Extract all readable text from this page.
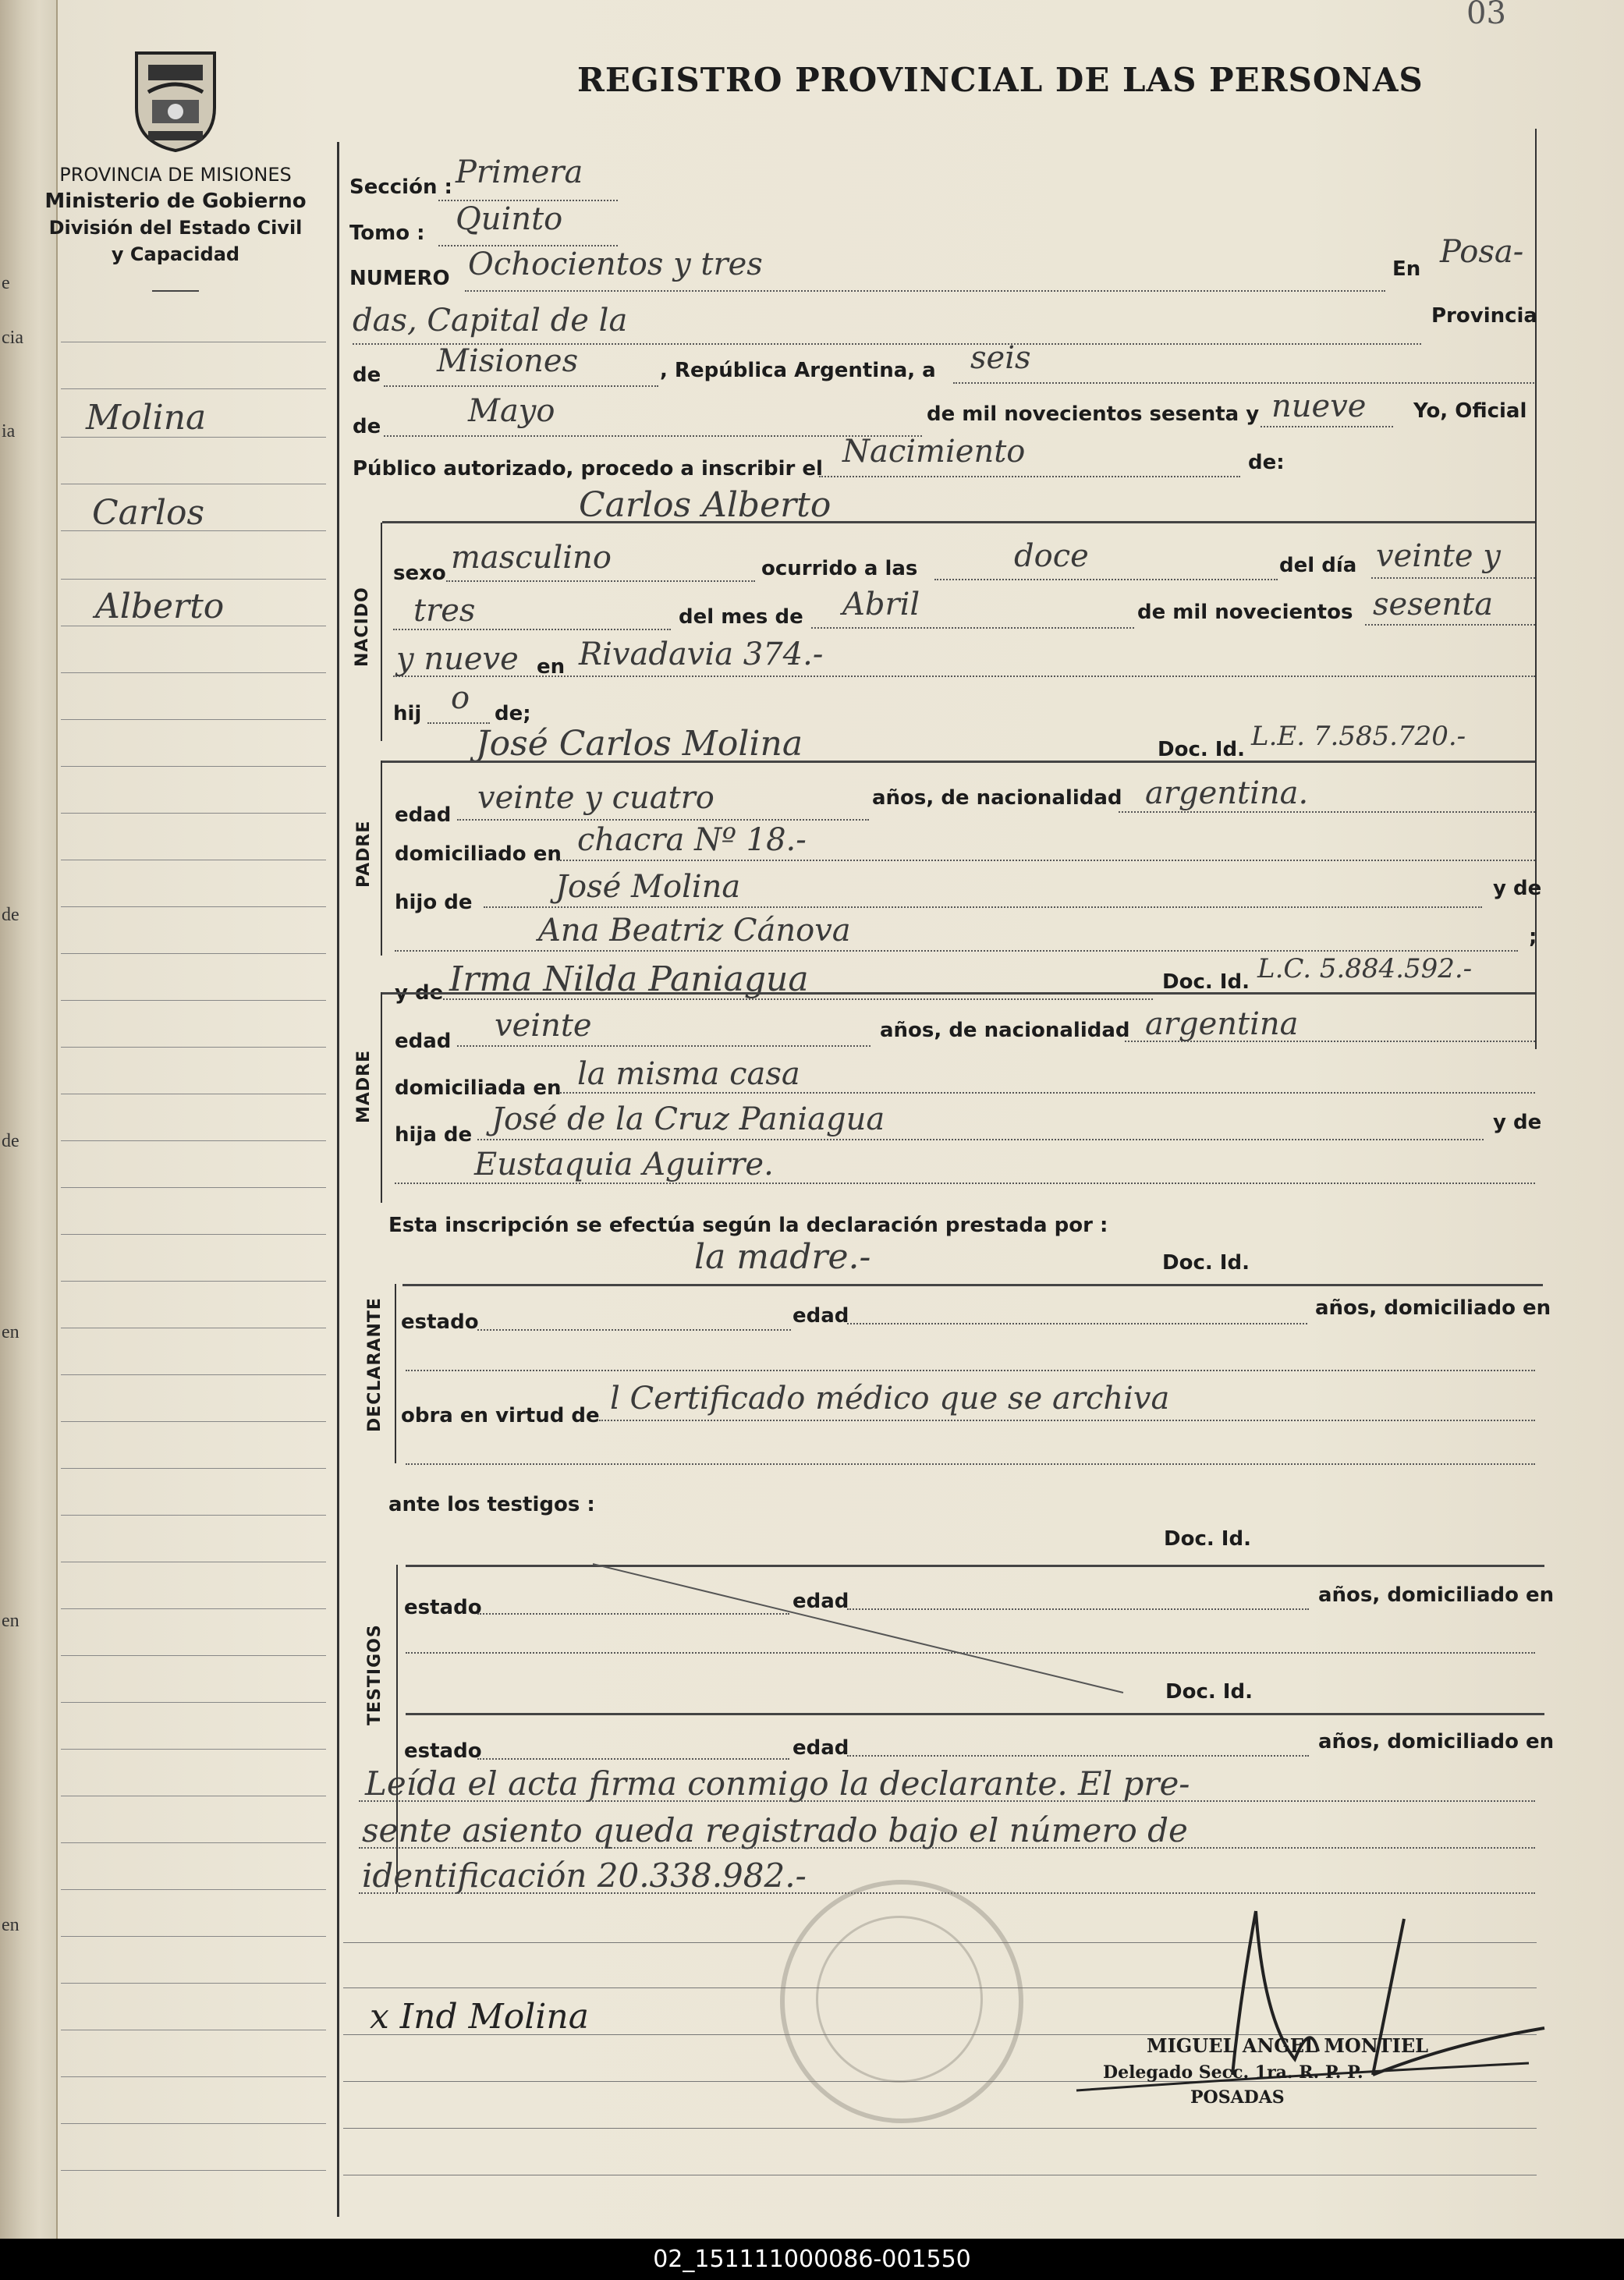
e
cia
ia
de
de
en
en
en
03
PROVINCIA DE MISIONES
Ministerio de Gobierno
División del Estado Civil
y Capacidad
REGISTRO PROVINCIAL DE LAS PERSONAS
Molina
Carlos
Alberto
Sección : Primera
Tomo : Quinto
NUMERO Ochocientos y tres	En Posa-
das, Capital de la	Provincia
de Misiones	, República Argentina, a seis
de	Mayo	de mil novecientos sesenta y nueve Yo, Oficial
Público autorizado, procedo a inscribir el Nacimiento	de:
Carlos Alberto
NACIDO
sexo masculino	ocurrido a las	doce	del día veinte y
tres	del mes de Abril	de mil novecientos sesenta
y nueve en Rivadavia 374.-
hij o de;
José Carlos Molina	Doc. Id. L.E. 7.585.720.-
PADRE
edad veinte y cuatro	años, de nacionalidad argentina.
domiciliado en chacra Nº 18.-
hijo de	José Molina	y de
Ana Beatriz Cánova	;
y de Irma Nilda Paniagua	Doc. Id. L.C. 5.884.592.-
MADRE
edad veinte	años, de nacionalidad argentina
domiciliada en la misma casa
hija de José de la Cruz Paniagua	y de
Eustaquia Aguirre.
Esta inscripción se efectúa según la declaración prestada por :
la madre.-	Doc. Id.
DECLARANTE estado	edad	años, domiciliado en
obra en virtud de l Certificado médico que se archiva
ante los testigos :
Doc. Id.
TESTIGOS
estado	edad	años, domiciliado en
Doc. Id.
estado	edad	años, domiciliado en
Leída el acta firma conmigo la declarante. El pre-
sente asiento queda registrado bajo el número de
identificación 20.338.982.-
x Ind Molina
MIGUEL ANGEL MONTIEL
Delegado Secc. 1ra. R. P. P.
POSADAS
02_151111000086-001550
